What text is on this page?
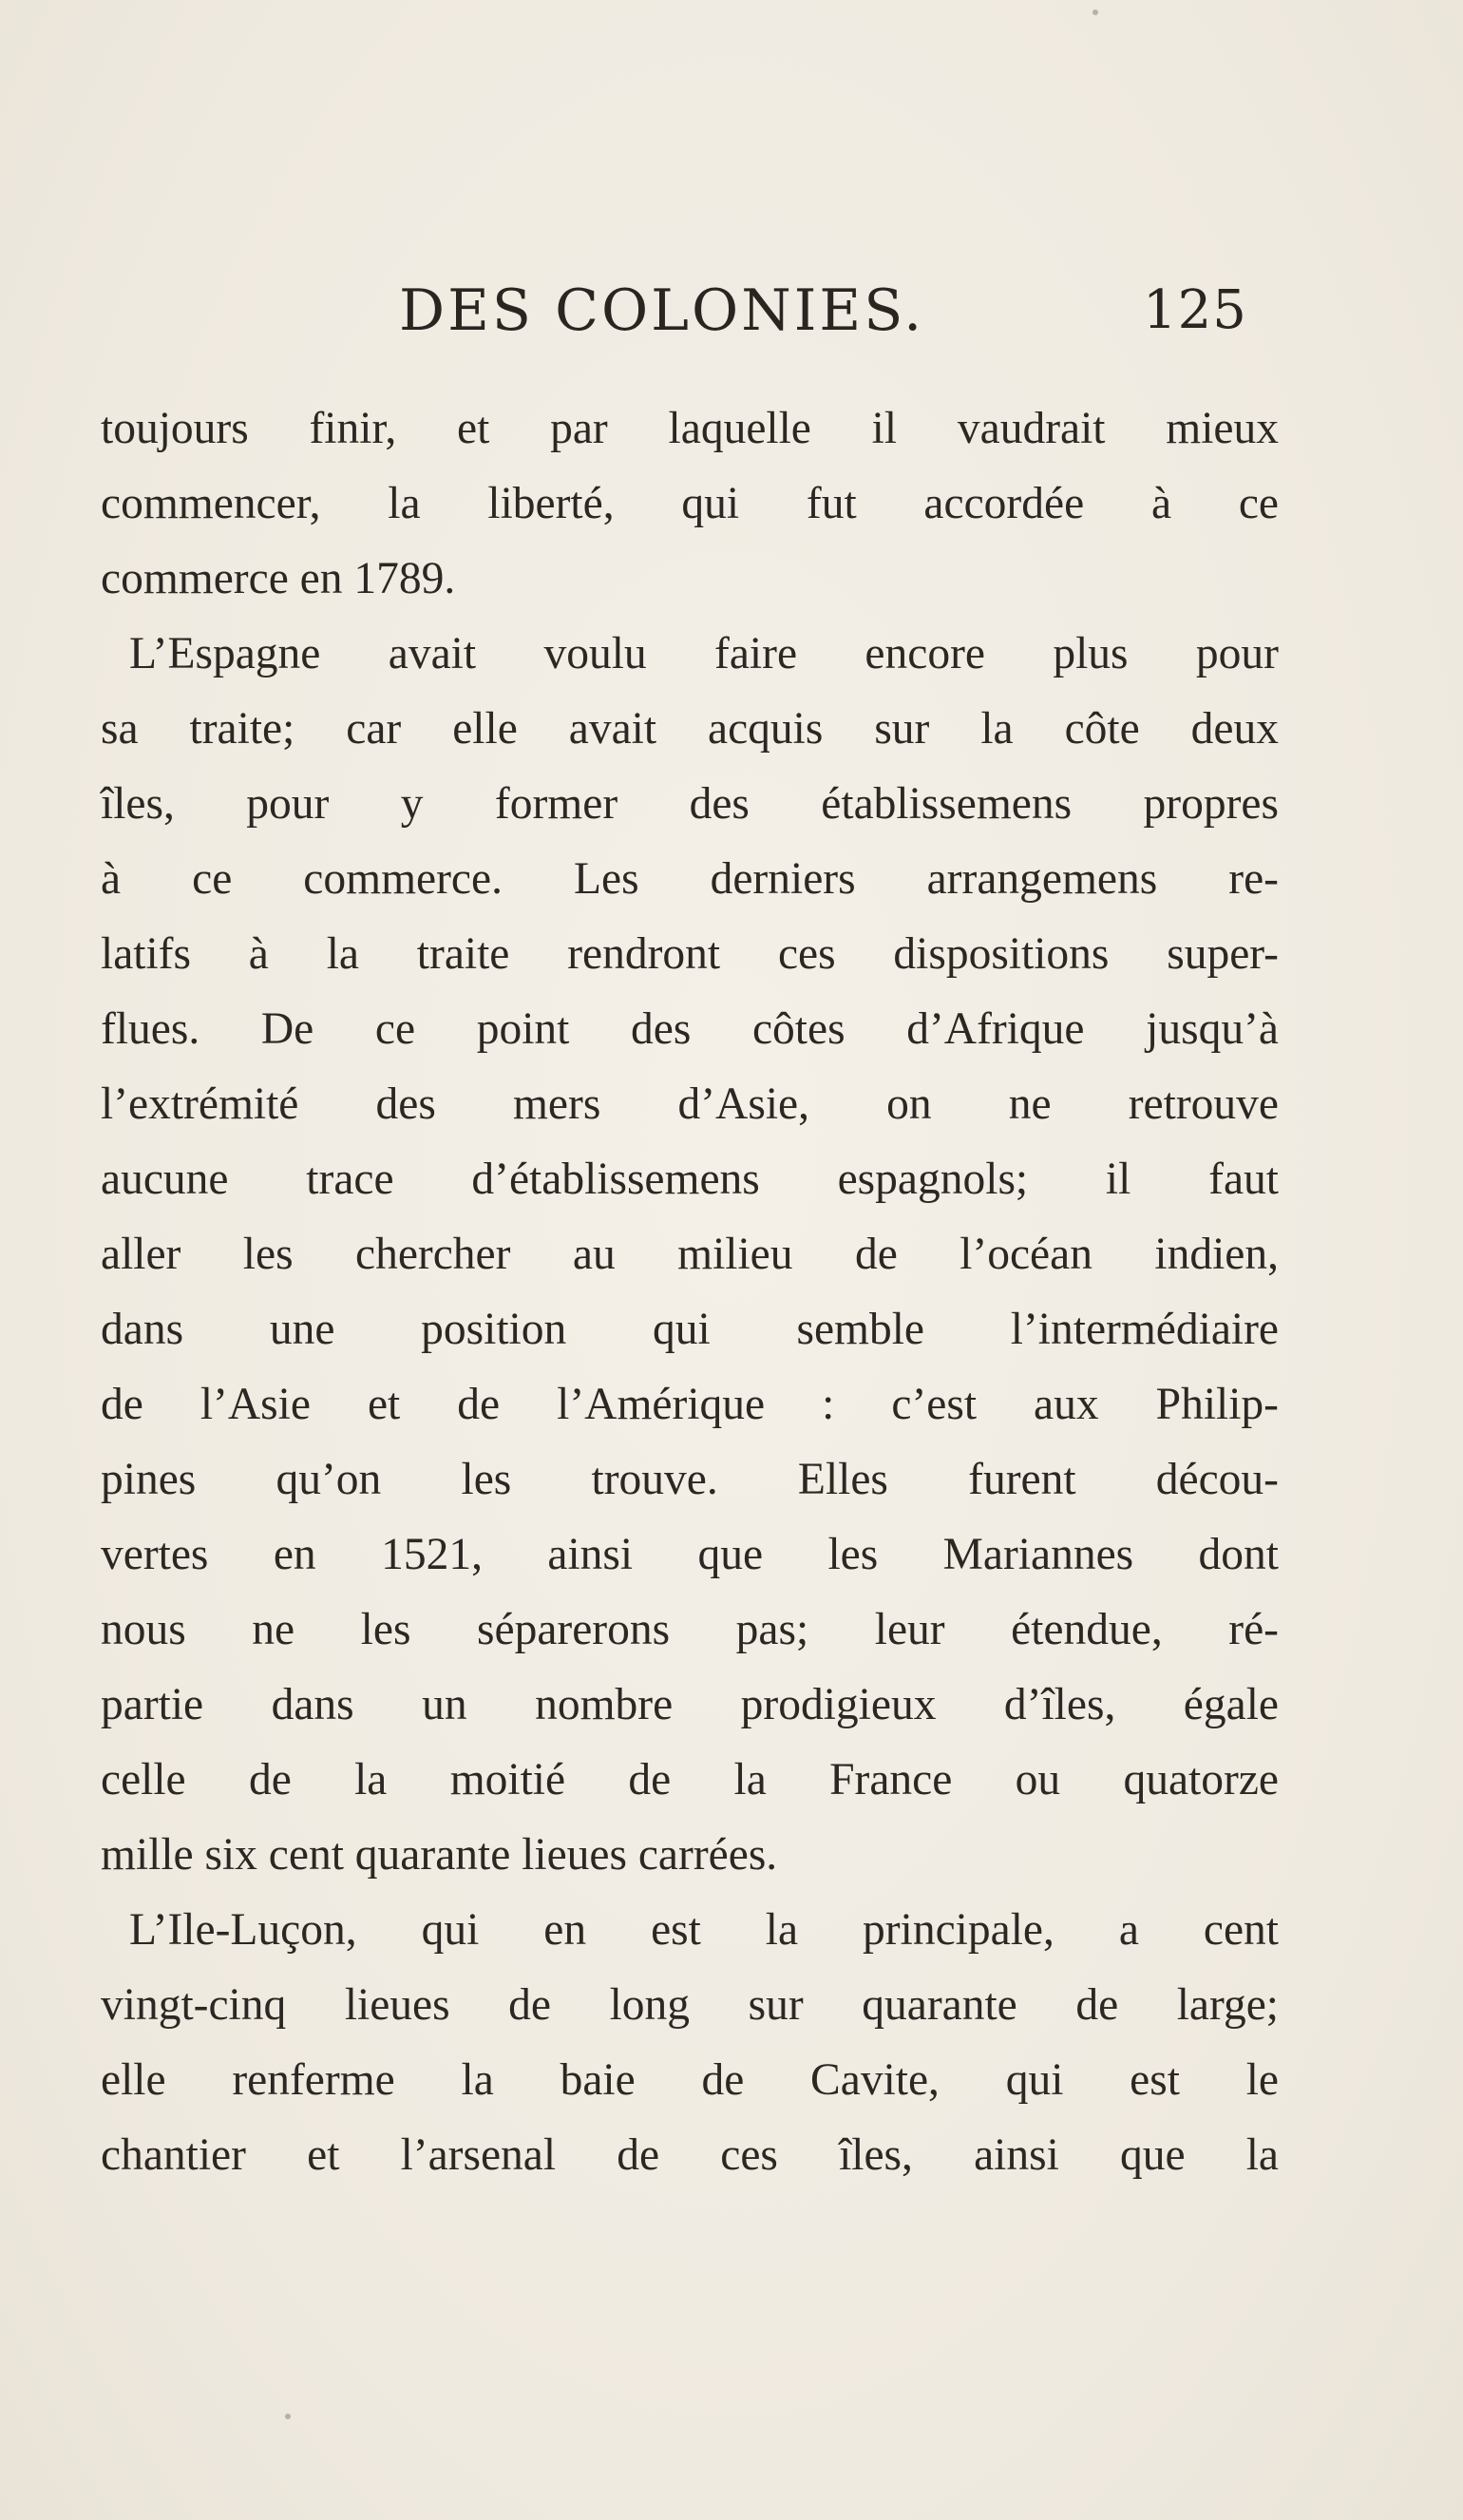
DES COLONIES.	125
toujours finir, et par laquelle il vaudrait mieux
commencer, la liberté, qui fut accordée à ce
commerce en 1789.
L’Espagne avait voulu faire encore plus pour
sa traite; car elle avait acquis sur la côte deux
îles, pour y former des établissemens propres
à ce commerce. Les derniers arrangemens re-
latifs à la traite rendront ces dispositions super-
flues. De ce point des côtes d’Afrique jusqu’à
l’extrémité des mers d’Asie, on ne retrouve
aucune trace d’établissemens espagnols; il faut
aller les chercher au milieu de l’océan indien,
dans une position qui semble l’intermédiaire
de l’Asie et de l’Amérique : c’est aux Philip-
pines qu’on les trouve. Elles furent décou-
vertes en 1521, ainsi que les Mariannes dont
nous ne les séparerons pas; leur étendue, ré-
partie dans un nombre prodigieux d’îles, égale
celle de la moitié de la France ou quatorze
mille six cent quarante lieues carrées.
L’Ile-Luçon, qui en est la principale, a cent
vingt-cinq lieues de long sur quarante de large;
elle renferme la baie de Cavite, qui est le
chantier et l’arsenal de ces îles, ainsi que la
